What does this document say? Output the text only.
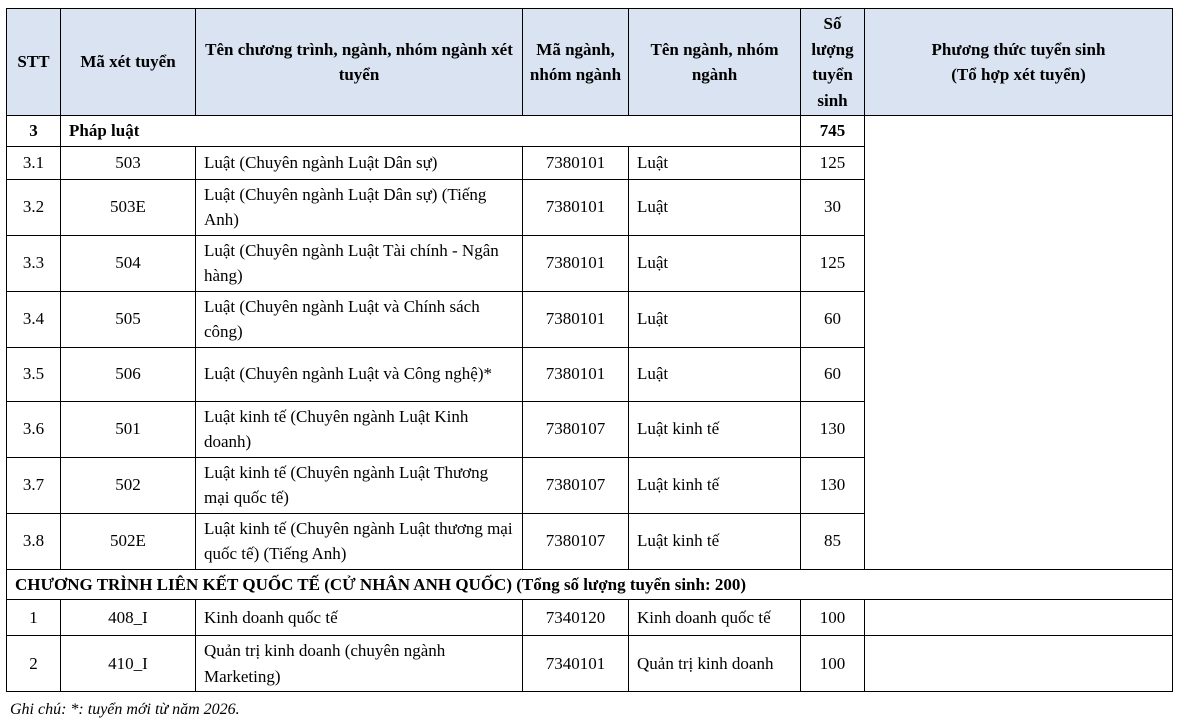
STT	Mã xét tuyển	Tên chương trình, ngành, nhóm ngành xét tuyển	Mã ngành, nhóm ngành	Tên ngành, nhóm ngành	Số lượng tuyển sinh	Phương thức tuyển sinh
(Tổ hợp xét tuyển)

3	Pháp luật				745	
3.1	503	Luật (Chuyên ngành Luật Dân sự)	7380101	Luật	125	
3.2	503E	Luật (Chuyên ngành Luật Dân sự) (Tiếng Anh)	7380101	Luật	30	
3.3	504	Luật (Chuyên ngành Luật Tài chính - Ngân hàng)	7380101	Luật	125	
3.4	505	Luật (Chuyên ngành Luật và Chính sách công)	7380101	Luật	60	
3.5	506	Luật (Chuyên ngành Luật và Công nghệ)*	7380101	Luật	60	
3.6	501	Luật kinh tế (Chuyên ngành Luật Kinh doanh)	7380107	Luật kinh tế	130	
3.7	502	Luật kinh tế (Chuyên ngành Luật Thương mại quốc tế)	7380107	Luật kinh tế	130	
3.8	502E	Luật kinh tế (Chuyên ngành Luật thương mại quốc tế) (Tiếng Anh)	7380107	Luật kinh tế	85	
CHƯƠNG TRÌNH LIÊN KẾT QUỐC TẾ (CỬ NHÂN ANH QUỐC) (Tổng số lượng tuyển sinh: 200)						
1	408_I	Kinh doanh quốc tế	7340120	Kinh doanh quốc tế	100	
2	410_I	Quản trị kinh doanh (chuyên ngành Marketing)	7340101	Quản trị kinh doanh	100	
Ghi chú: *: tuyển mới từ năm 2026.
